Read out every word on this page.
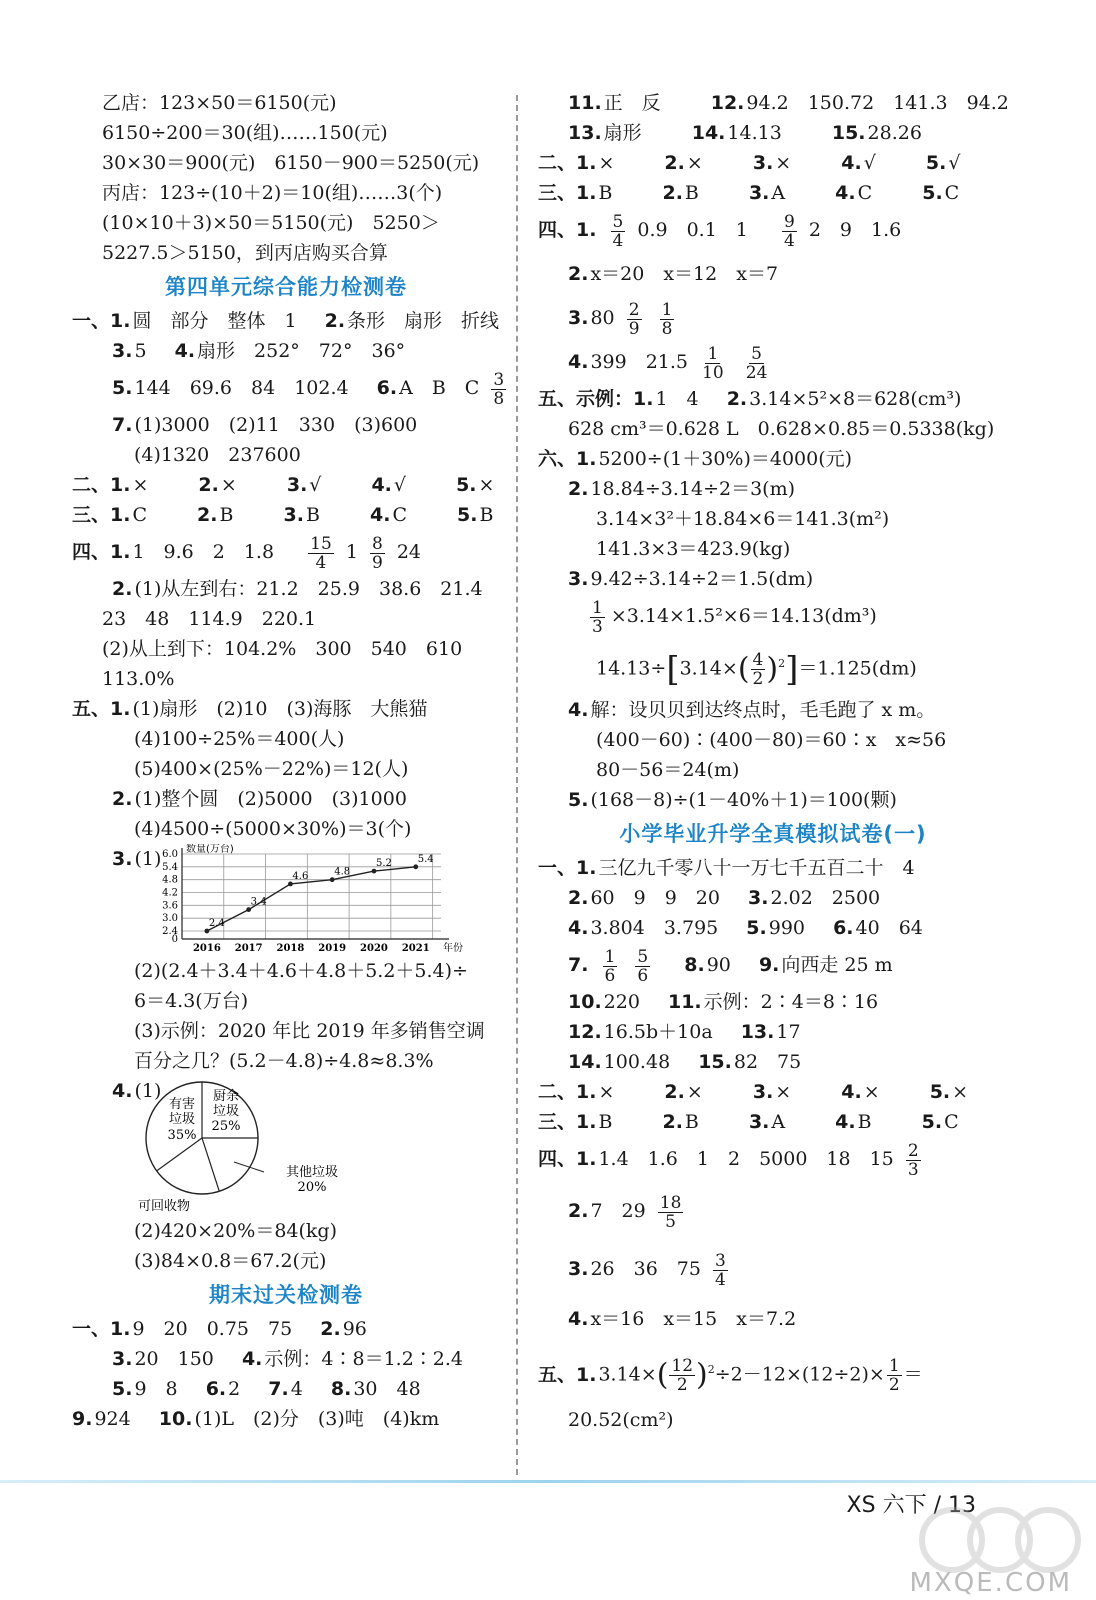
乙店：123×50＝6150(元)
6150÷200＝30(组)……150(元)
30×30＝900(元)　6150－900＝5250(元)
丙店：123÷(10＋2)＝10(组)……3(个)
(10×10＋3)×50＝5150(元)　5250＞
5227.5＞5150，到丙店购买合算
第四单元综合能力检测卷
一、1. 圆　部分　整体　1 2. 条形　扇形　折线
3. 5 4. 扇形　252°　72°　36°
5. 144　69.6　84　102.4 6. A　B　C $\frac{3}{8}$
7. (1)3000　(2)11　330　(3)600
(4)1320　237600
二、1. ×	2. ×	3. √	4. √	5. ×
三、1. C	2. B	3. B	4. C	5. B
四、1. 1　9.6　2　$1.8 \frac{15}{4} 1 \frac{8}{9} 24$
2. (1)从左到右：21.2　25.9　38.6　21.4
23　48　114.9　220.1
(2)从上到下：104.2%　300　540　610
113.0%
五、1. (1)扇形　(2)10　(3)海豚　大熊猫
(4)100÷25%＝400(人)
(5)400×(25%－22%)＝12(人)
2. (1)整个圆　(2)5000　(3)1000
(4)4500÷(5000×30%)＝3(个)
3. (1)
0
2.4
3.0
3.6
4.2
4.8
5.4
6.0 数量(万台)
2016 2017 2018 2019 2020 2021 年份
2.4
3.4
4.6	4.8
5.2	5.4
(2)(2.4＋3.4＋4.6＋4.8＋5.2＋5.4)÷
6＝4.3(万台)
(3)示例：2020 年比 2019 年多销售空调
百分之几？(5.2－4.8)÷4.8≈8.3%
4. (1)
有害
垃圾
35%
厨余
垃圾
25%
其他垃圾
20%
可回收物
(2)420×20%＝84(kg)
(3)84×0.8＝67.2(元)
期末过关检测卷
一、1. 9　20　0.75　75 2. 96
3. 20　150 4. 示例：4∶8＝1.2∶2.4
5. 9　8 6. 2 7. 4 8. 30　48
9. 924 10. (1)L　(2)分　(3)吨　(4)km
11. 正　反	12. 94.2　150.72　141.3　94.2
13. 扇形	14. 14.13	15. 28.26
二、1. ×	2. ×	3. ×	4. √	5. √
三、1. B	2. B	3. A	4. C	5. C
四、1. $\frac{5}{4} 0.9$　0.1　$1 \frac{9}{4} 2$　9　1.6
2. x＝20　x＝12　x＝7
3. $80 \frac{2}{9}$
$\frac{1}{8}$
4. 399　$21.5 \frac{1}{10}$
$\frac{5}{24}$
五、示例：1. 1　4 2. 3.14×5²×8＝628(cm³)
628 cm³＝0.628 L　0.628×0.85＝0.5338(kg)
六、1. 5200÷(1＋30%)＝4000(元)
2. 18.84÷3.14÷2＝3(m)
3.14×3²＋18.84×6＝141.3(m²)
141.3×3＝423.9(kg)
3. 9.42÷3.14÷2＝1.5(dm)
$\frac{1}{3} \times 3.14\times 1.5^2\times 6=14.13(dm^3)$
$14.13\div[3.14\times( \frac{4}{2} )^2]=1.125(dm)$
4. 解：设贝贝到达终点时，毛毛跑了 x m。
(400－60)∶(400－80)＝60∶x　x≈56
80－56＝24(m)
5. (168－8)÷(1－40%＋1)＝100(颗)
小学毕业升学全真模拟试卷(一)
一、1. 三亿九千零八十一万七千五百二十　4
2. 60　9　9　20 3. 2.02　2500
4. 3.804　3.795 5. 990 6. 40　64
7. $\frac{1}{6}$
$\frac{5}{6} 8$. 90 9. 向西走 25 m
10. 220 11. 示例：2∶4＝8∶16
12. 16.5b＋10a 13. 17
14. 100.48 15. 82　75
二、1. ×	2. ×	3. ×	4. ×	5. ×
三、1. B	2. B	3. A	4. B	5. C
四、1. 1.4　1.6　1　2　5000　18　$15 \frac{2}{3}$
2. 7　$29 \frac{18}{5}$
3. 26　36　$75 \frac{3}{4}$
4. x＝16　x＝15　x＝7.2
五、1. $3.14\times( \frac{12}{2} )^2\div 2-12\times(12\div 2)\times \frac{1}{2}$ ＝
20.52(cm²)
XS 六下 / 13
MXQE.COM
